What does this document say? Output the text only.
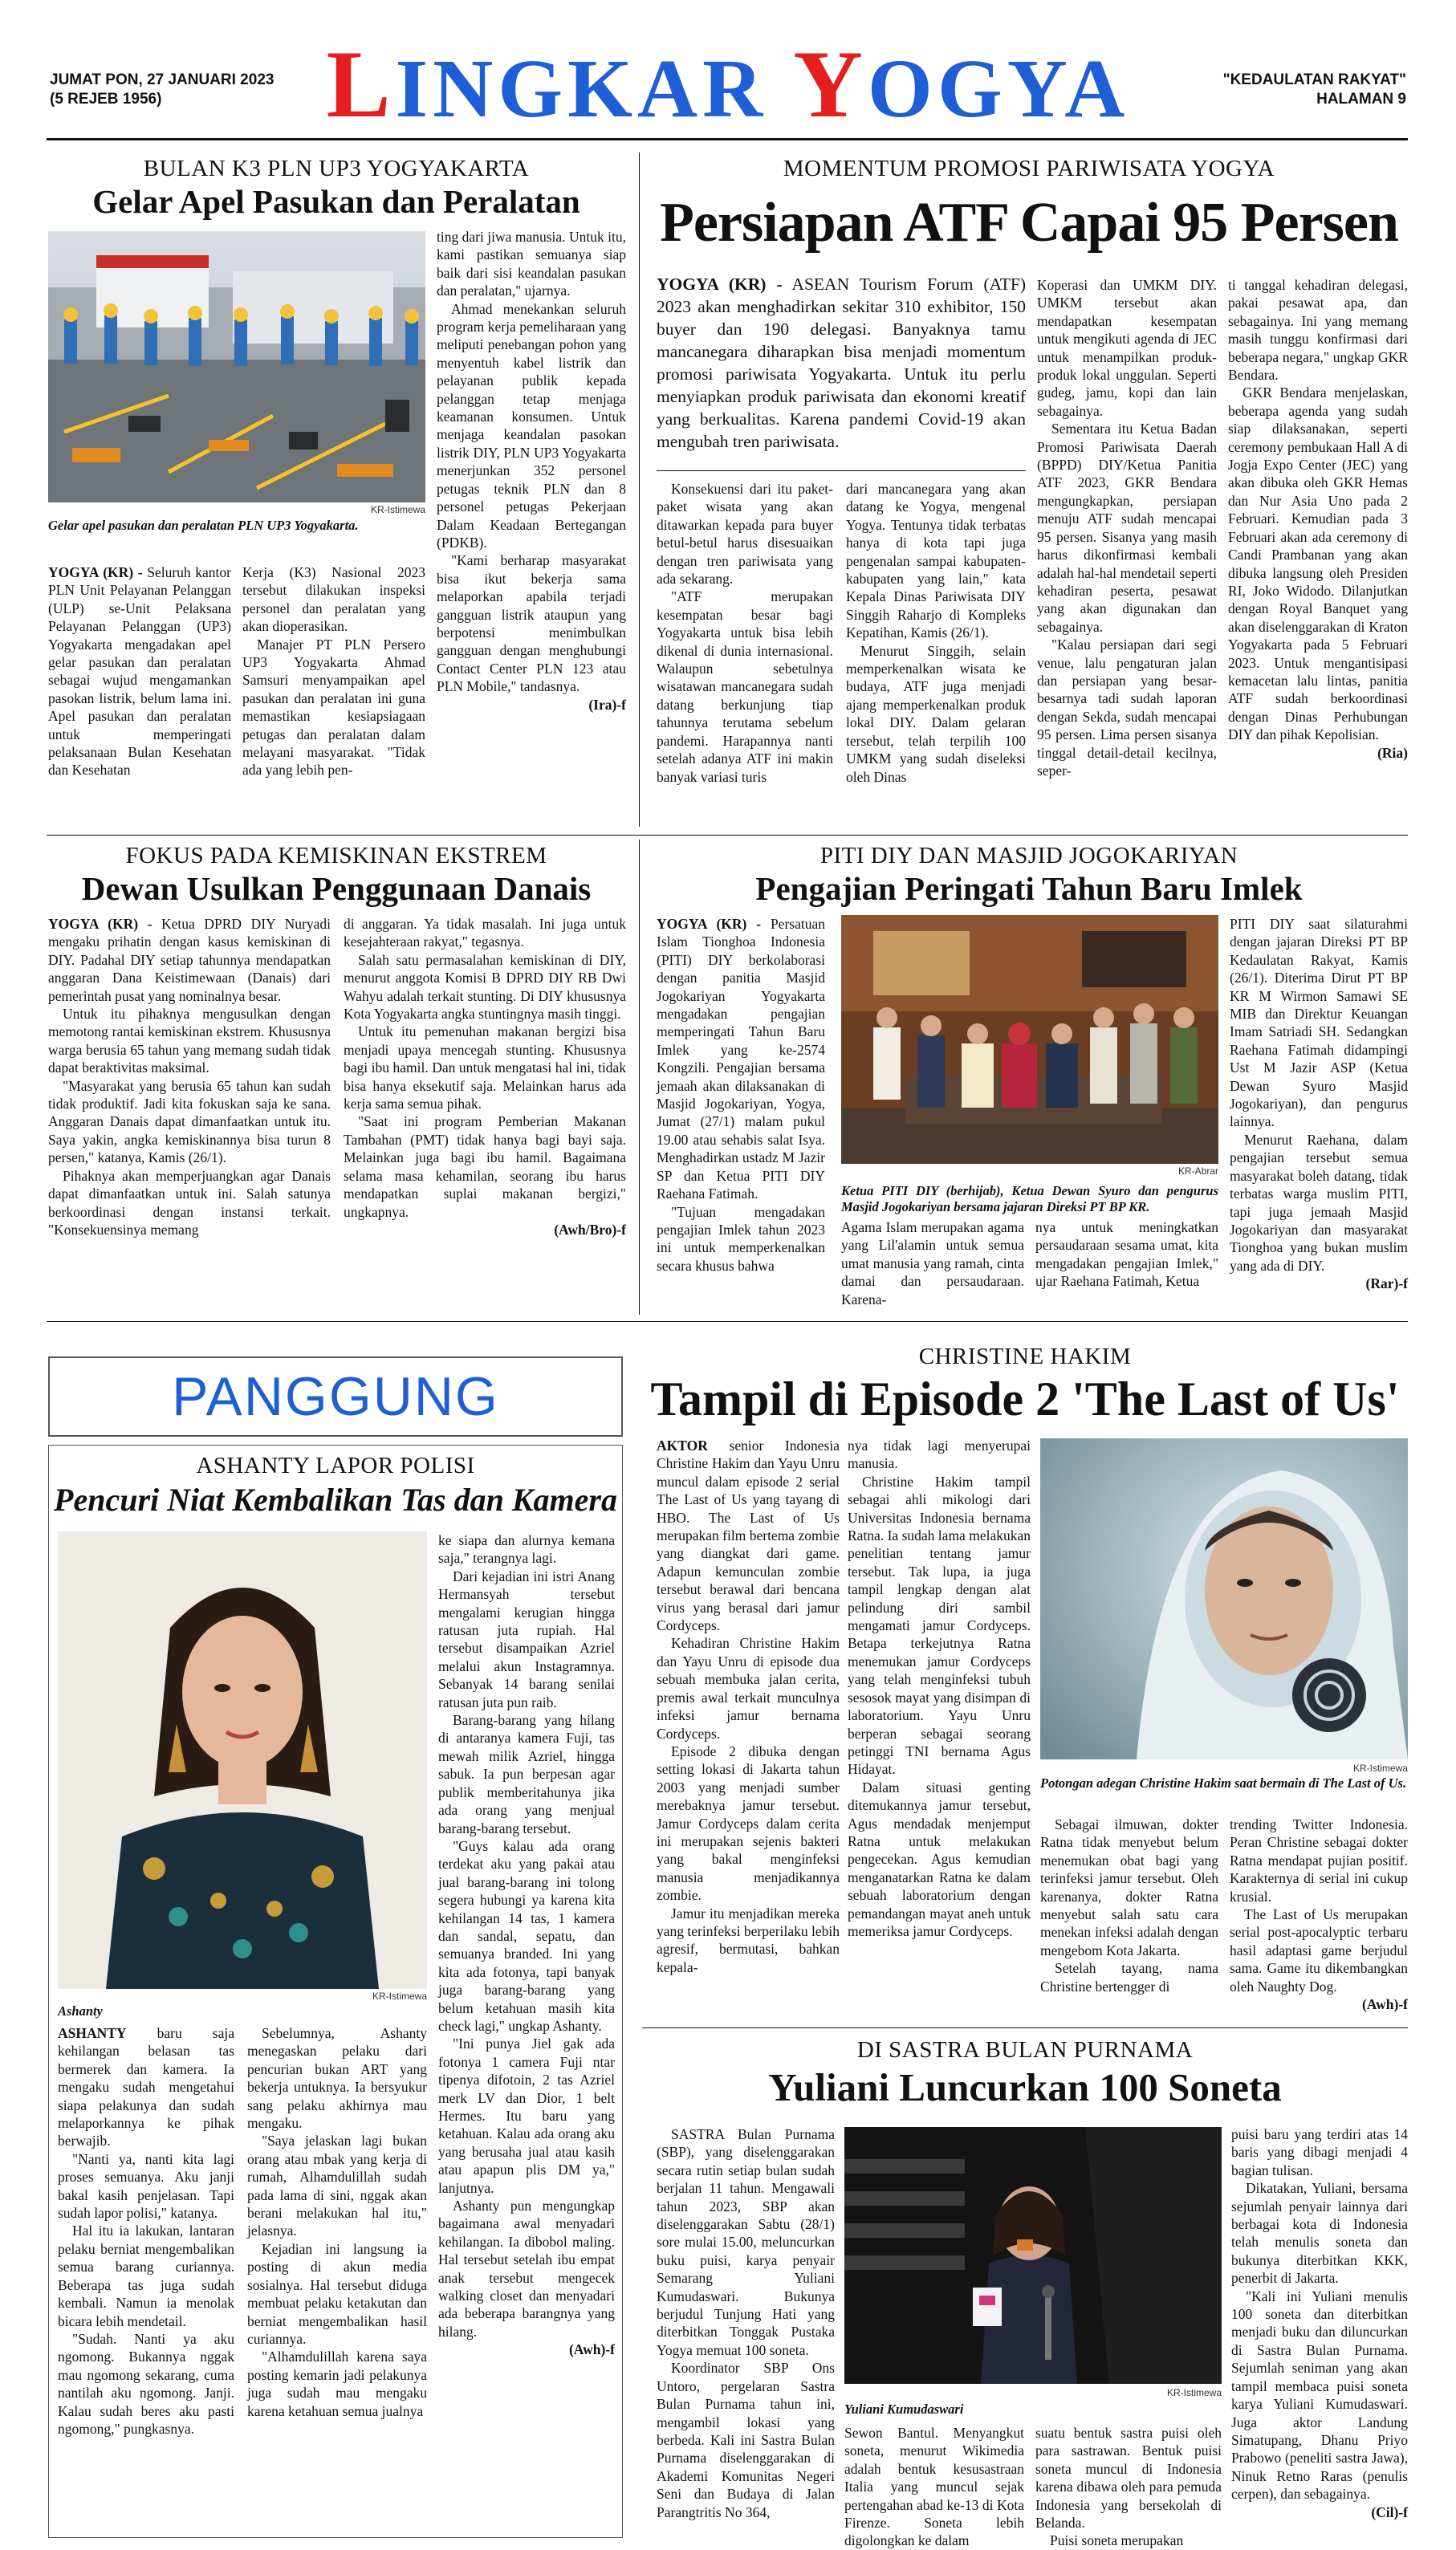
JUMAT PON, 27 JANUARI 2023
(5 REJEB 1956)	LINGKAR YOGYA	"KEDAULATAN RAKYAT"
HALAMAN 9
BULAN K3 PLN UP3 YOGYAKARTA
Gelar Apel Pasukan dan Peralatan
KR-Istimewa
Gelar apel pasukan dan peralatan PLN UP3 Yogyakarta.

YOGYA (KR) - Seluruh kantor PLN Unit Pelayanan Pelanggan (ULP) se-Unit Pelaksana Pelayanan Pelanggan (UP3) Yogyakarta mengadakan apel gelar pasukan dan peralatan sebagai wujud mengamankan pasokan listrik, belum lama ini. Apel pasukan dan peralatan untuk memperingati pelaksanaan Bulan Kesehatan dan Kesehatan

Kerja (K3) Nasional 2023 tersebut dilakukan inspeksi personel dan peralatan yang akan dioperasikan.

Manajer PT PLN Persero UP3 Yogyakarta Ahmad Samsuri menyampaikan apel pasukan dan peralatan ini guna memastikan kesiapsiagaan petugas dan peralatan dalam melayani masyarakat. "Tidak ada yang lebih pen-

ting dari jiwa manusia. Untuk itu, kami pastikan semuanya siap baik dari sisi keandalan pasukan dan peralatan," ujarnya.

Ahmad menekankan seluruh program kerja pemeliharaan yang meliputi penebangan pohon yang menyentuh kabel listrik dan pelayanan publik kepada pelanggan tetap menjaga keamanan konsumen. Untuk menjaga keandalan pasokan listrik DIY, PLN UP3 Yogyakarta menerjunkan 352 personel petugas teknik PLN dan 8 personel petugas Pekerjaan Dalam Keadaan Bertegangan (PDKB).

"Kami berharap masyarakat bisa ikut bekerja sama melaporkan apabila terjadi gangguan listrik ataupun yang berpotensi menimbulkan gangguan dengan menghubungi Contact Center PLN 123 atau PLN Mobile," tandasnya.

(Ira)-f
MOMENTUM PROMOSI PARIWISATA YOGYA
Persiapan ATF Capai 95 Persen
YOGYA (KR) - ASEAN Tourism Forum (ATF) 2023 akan menghadirkan sekitar 310 exhibitor, 150 buyer dan 190 delegasi. Banyaknya tamu mancanegara diharapkan bisa menjadi momentum promosi pariwisata Yogyakarta. Untuk itu perlu menyiapkan produk pariwisata dan ekonomi kreatif yang berkualitas. Karena pandemi Covid-19 akan mengubah tren pariwisata.

Konsekuensi dari itu paket-paket wisata yang akan ditawarkan kepada para buyer betul-betul harus disesuaikan dengan tren pariwisata yang ada sekarang.

"ATF merupakan kesempatan besar bagi Yogyakarta untuk bisa lebih dikenal di dunia internasional. Walaupun sebetulnya wisatawan mancanegara sudah datang berkunjung tiap tahunnya terutama sebelum pandemi. Harapannya nanti setelah adanya ATF ini makin banyak variasi turis

dari mancanegara yang akan datang ke Yogya, mengenal Yogya. Tentunya tidak terbatas hanya di kota tapi juga pengenalan sampai kabupaten-kabupaten yang lain," kata Kepala Dinas Pariwisata DIY Singgih Raharjo di Kompleks Kepatihan, Kamis (26/1).

Menurut Singgih, selain memperkenalkan wisata ke budaya, ATF juga menjadi ajang memperkenalkan produk lokal DIY. Dalam gelaran tersebut, telah terpilih 100 UMKM yang sudah diseleksi oleh Dinas

Koperasi dan UMKM DIY. UMKM tersebut akan mendapatkan kesempatan untuk mengikuti agenda di JEC untuk menampilkan produk-produk lokal unggulan. Seperti gudeg, jamu, kopi dan lain sebagainya.

Sementara itu Ketua Badan Promosi Pariwisata Daerah (BPPD) DIY/Ketua Panitia ATF 2023, GKR Bendara mengungkapkan, persiapan menuju ATF sudah mencapai 95 persen. Sisanya yang masih harus dikonfirmasi kembali adalah hal-hal mendetail seperti kehadiran peserta, pesawat yang akan digunakan dan sebagainya.

"Kalau persiapan dari segi venue, lalu pengaturan jalan dan persiapan yang besar-besarnya tadi sudah laporan dengan Sekda, sudah mencapai 95 persen. Lima persen sisanya tinggal detail-detail kecilnya, seper-

ti tanggal kehadiran delegasi, pakai pesawat apa, dan sebagainya. Ini yang memang masih tunggu konfirmasi dari beberapa negara," ungkap GKR Bendara.

GKR Bendara menjelaskan, beberapa agenda yang sudah siap dilaksanakan, seperti ceremony pembukaan Hall A di Jogja Expo Center (JEC) yang akan dibuka oleh GKR Hemas dan Nur Asia Uno pada 2 Februari. Kemudian pada 3 Februari akan ada ceremony di Candi Prambanan yang akan dibuka langsung oleh Presiden RI, Joko Widodo. Dilanjutkan dengan Royal Banquet yang akan diselenggarakan di Kraton Yogyakarta pada 5 Februari 2023. Untuk mengantisipasi kemacetan lalu lintas, panitia ATF sudah berkoordinasi dengan Dinas Perhubungan DIY dan pihak Kepolisian.

(Ria)
FOKUS PADA KEMISKINAN EKSTREM
Dewan Usulkan Penggunaan Danais

YOGYA (KR) - Ketua DPRD DIY Nuryadi mengaku prihatin dengan kasus kemiskinan di DIY. Padahal DIY setiap tahunnya mendapatkan anggaran Dana Keistimewaan (Danais) dari pemerintah pusat yang nominalnya besar.

Untuk itu pihaknya mengusulkan dengan memotong rantai kemiskinan ekstrem. Khususnya warga berusia 65 tahun yang memang sudah tidak dapat beraktivitas maksimal.

"Masyarakat yang berusia 65 tahun kan sudah tidak produktif. Jadi kita fokuskan saja ke sana. Anggaran Danais dapat dimanfaatkan untuk itu. Saya yakin, angka kemiskinannya bisa turun 8 persen," katanya, Kamis (26/1).

Pihaknya akan memperjuangkan agar Danais dapat dimanfaatkan untuk ini. Salah satunya berkoordinasi dengan instansi terkait. "Konsekuensinya memang

di anggaran. Ya tidak masalah. Ini juga untuk kesejahteraan rakyat," tegasnya.

Salah satu permasalahan kemiskinan di DIY, menurut anggota Komisi B DPRD DIY RB Dwi Wahyu adalah terkait stunting. Di DIY khususnya Kota Yogyakarta angka stuntingnya masih tinggi.

Untuk itu pemenuhan makanan bergizi bisa menjadi upaya mencegah stunting. Khususnya bagi ibu hamil. Dan untuk mengatasi hal ini, tidak bisa hanya eksekutif saja. Melainkan harus ada kerja sama semua pihak.

"Saat ini program Pemberian Makanan Tambahan (PMT) tidak hanya bagi bayi saja. Melainkan juga bagi ibu hamil. Bagaimana selama masa kehamilan, seorang ibu harus mendapatkan suplai makanan bergizi," ungkapnya.

(Awh/Bro)-f
PITI DIY DAN MASJID JOGOKARIYAN
Pengajian Peringati Tahun Baru Imlek

YOGYA (KR) - Persatuan Islam Tionghoa Indonesia (PITI) DIY berkolaborasi dengan panitia Masjid Jogokariyan Yogyakarta mengadakan pengajian memperingati Tahun Baru Imlek yang ke-2574 Kongzili. Pengajian bersama jemaah akan dilaksanakan di Masjid Jogokariyan, Yogya, Jumat (27/1) malam pukul 19.00 atau sehabis salat Isya. Menghadirkan ustadz M Jazir SP dan Ketua PITI DIY Raehana Fatimah.

"Tujuan mengadakan pengajian Imlek tahun 2023 ini untuk memperkenalkan secara khusus bahwa

KR-Abrar
Ketua PITI DIY (berhijab), Ketua Dewan Syuro dan pengurus Masjid Jogokariyan bersama jajaran Direksi PT BP KR.

Agama Islam merupakan agama yang Lil'alamin untuk semua umat manusia yang ramah, cinta damai dan persaudaraan. Karena-

nya untuk meningkatkan persaudaraan sesama umat, kita mengadakan pengajian Imlek," ujar Raehana Fatimah, Ketua

PITI DIY saat silaturahmi dengan jajaran Direksi PT BP Kedaulatan Rakyat, Kamis (26/1). Diterima Dirut PT BP KR M Wirmon Samawi SE MIB dan Direktur Keuangan Imam Satriadi SH. Sedangkan Raehana Fatimah didampingi Ust M Jazir ASP (Ketua Dewan Syuro Masjid Jogokariyan), dan pengurus lainnya.

Menurut Raehana, dalam pengajian tersebut semua masyarakat boleh datang, tidak terbatas warga muslim PITI, tapi juga jemaah Masjid Jogokariyan dan masyarakat Tionghoa yang bukan muslim yang ada di DIY.

(Rar)-f
PANGGUNG
ASHANTY LAPOR POLISI
Pencuri Niat Kembalikan Tas dan Kamera
KR-Istimewa
Ashanty

ASHANTY baru saja kehilangan belasan tas bermerek dan kamera. Ia mengaku sudah mengetahui siapa pelakunya dan sudah melaporkannya ke pihak berwajib.

"Nanti ya, nanti kita lagi proses semuanya. Aku janji bakal kasih penjelasan. Tapi sudah lapor polisi," katanya.

Hal itu ia lakukan, lantaran pelaku berniat mengembalikan semua barang curiannya. Beberapa tas juga sudah kembali. Namun ia menolak bicara lebih mendetail.

"Sudah. Nanti ya aku ngomong. Bukannya nggak mau ngomong sekarang, cuma nantilah aku ngomong. Janji. Kalau sudah beres aku pasti ngomong," pungkasnya.

Sebelumnya, Ashanty menegaskan pelaku dari pencurian bukan ART yang bekerja untuknya. Ia bersyukur sang pelaku akhirnya mau mengaku.

"Saya jelaskan lagi bukan orang atau mbak yang kerja di rumah, Alhamdulillah sudah pada lama di sini, nggak akan berani melakukan hal itu," jelasnya.

Kejadian ini langsung ia posting di akun media sosialnya. Hal tersebut diduga membuat pelaku ketakutan dan berniat mengembalikan hasil curiannya.

"Alhamdulillah karena saya posting kemarin jadi pelakunya juga sudah mau mengaku karena ketahuan semua jualnya

ke siapa dan alurnya kemana saja," terangnya lagi.

Dari kejadian ini istri Anang Hermansyah tersebut mengalami kerugian hingga ratusan juta rupiah. Hal tersebut disampaikan Azriel melalui akun Instagramnya. Sebanyak 14 barang senilai ratusan juta pun raib.

Barang-barang yang hilang di antaranya kamera Fuji, tas mewah milik Azriel, hingga sabuk. Ia pun berpesan agar publik memberitahunya jika ada orang yang menjual barang-barang tersebut.

"Guys kalau ada orang terdekat aku yang pakai atau jual barang-barang ini tolong segera hubungi ya karena kita kehilangan 14 tas, 1 kamera dan sandal, sepatu, dan semuanya branded. Ini yang kita ada fotonya, tapi banyak juga barang-barang yang belum ketahuan masih kita check lagi," ungkap Ashanty.

"Ini punya Jiel gak ada fotonya 1 camera Fuji ntar tipenya difotoin, 2 tas Azriel merk LV dan Dior, 1 belt Hermes. Itu baru yang ketahuan. Kalau ada orang aku yang berusaha jual atau kasih atau apapun plis DM ya," lanjutnya.

Ashanty pun mengungkap bagaimana awal menyadari kehilangan. Ia dibobol maling. Hal tersebut setelah ibu empat anak tersebut mengecek walking closet dan menyadari ada beberapa barangnya yang hilang.

(Awh)-f
CHRISTINE HAKIM
Tampil di Episode 2 'The Last of Us'

AKTOR senior Indonesia Christine Hakim dan Yayu Unru muncul dalam episode 2 serial The Last of Us yang tayang di HBO. The Last of Us merupakan film bertema zombie yang diangkat dari game. Adapun kemunculan zombie tersebut berawal dari bencana virus yang berasal dari jamur Cordyceps.

Kehadiran Christine Hakim dan Yayu Unru di episode dua sebuah membuka jalan cerita, premis awal terkait munculnya infeksi jamur bernama Cordyceps.

Episode 2 dibuka dengan setting lokasi di Jakarta tahun 2003 yang menjadi sumber merebaknya jamur tersebut. Jamur Cordyceps dalam cerita ini merupakan sejenis bakteri yang bakal menginfeksi manusia menjadikannya zombie.

Jamur itu menjadikan mereka yang terinfeksi berperilaku lebih agresif, bermutasi, bahkan kepala-

nya tidak lagi menyerupai manusia.

Christine Hakim tampil sebagai ahli mikologi dari Universitas Indonesia bernama Ratna. Ia sudah lama melakukan penelitian tentang jamur tersebut. Tak lupa, ia juga tampil lengkap dengan alat pelindung diri sambil mengamati jamur Cordyceps. Betapa terkejutnya Ratna menemukan jamur Cordyceps yang telah menginfeksi tubuh sesosok mayat yang disimpan di laboratorium. Yayu Unru berperan sebagai seorang petinggi TNI bernama Agus Hidayat.

Dalam situasi genting ditemukannya jamur tersebut, Agus mendadak menjemput Ratna untuk melakukan pengecekan. Agus kemudian menganatarkan Ratna ke dalam sebuah laboratorium dengan pemandangan mayat aneh untuk memeriksa jamur Cordyceps.

KR-Istimewa
Potongan adegan Christine Hakim saat bermain di The Last of Us.

Sebagai ilmuwan, dokter Ratna tidak menyebut belum menemukan obat bagi yang terinfeksi jamur tersebut. Oleh karenanya, dokter Ratna menyebut salah satu cara menekan infeksi adalah dengan mengebom Kota Jakarta.

Setelah tayang, nama Christine bertengger di

trending Twitter Indonesia. Peran Christine sebagai dokter Ratna mendapat pujian positif. Karakternya di serial ini cukup krusial.

The Last of Us merupakan serial post-apocalyptic terbaru hasil adaptasi game berjudul sama. Game itu dikembangkan oleh Naughty Dog.

(Awh)-f
DI SASTRA BULAN PURNAMA
Yuliani Luncurkan 100 Soneta

SASTRA Bulan Purnama (SBP), yang diselenggarakan secara rutin setiap bulan sudah berjalan 11 tahun. Mengawali tahun 2023, SBP akan diselenggarakan Sabtu (28/1) sore mulai 15.00, meluncurkan buku puisi, karya penyair Semarang Yuliani Kumudaswari. Bukunya berjudul Tunjung Hati yang diterbitkan Tonggak Pustaka Yogya memuat 100 soneta.

Koordinator SBP Ons Untoro, pergelaran Sastra Bulan Purnama tahun ini, mengambil lokasi yang berbeda. Kali ini Sastra Bulan Purnama diselenggarakan di Akademi Komunitas Negeri Seni dan Budaya di Jalan Parangtritis No 364,

KR-Istimewa
Yuliani Kumudaswari

Sewon Bantul. Menyangkut soneta, menurut Wikimedia adalah bentuk kesusastraan Italia yang muncul sejak pertengahan abad ke-13 di Kota Firenze. Soneta lebih digolongkan ke dalam

suatu bentuk sastra puisi oleh para sastrawan. Bentuk puisi soneta muncul di Indonesia karena dibawa oleh para pemuda Indonesia yang bersekolah di Belanda.

Puisi soneta merupakan

puisi baru yang terdiri atas 14 baris yang dibagi menjadi 4 bagian tulisan.

Dikatakan, Yuliani, bersama sejumlah penyair lainnya dari berbagai kota di Indonesia telah menulis soneta dan bukunya diterbitkan KKK, penerbit di Jakarta.

"Kali ini Yuliani menulis 100 soneta dan diterbitkan menjadi buku dan diluncurkan di Sastra Bulan Purnama. Sejumlah seniman yang akan tampil membaca puisi soneta karya Yuliani Kumudaswari. Juga aktor Landung Simatupang, Dhanu Priyo Prabowo (peneliti sastra Jawa), Ninuk Retno Raras (penulis cerpen), dan sebagainya.

(Cil)-f
